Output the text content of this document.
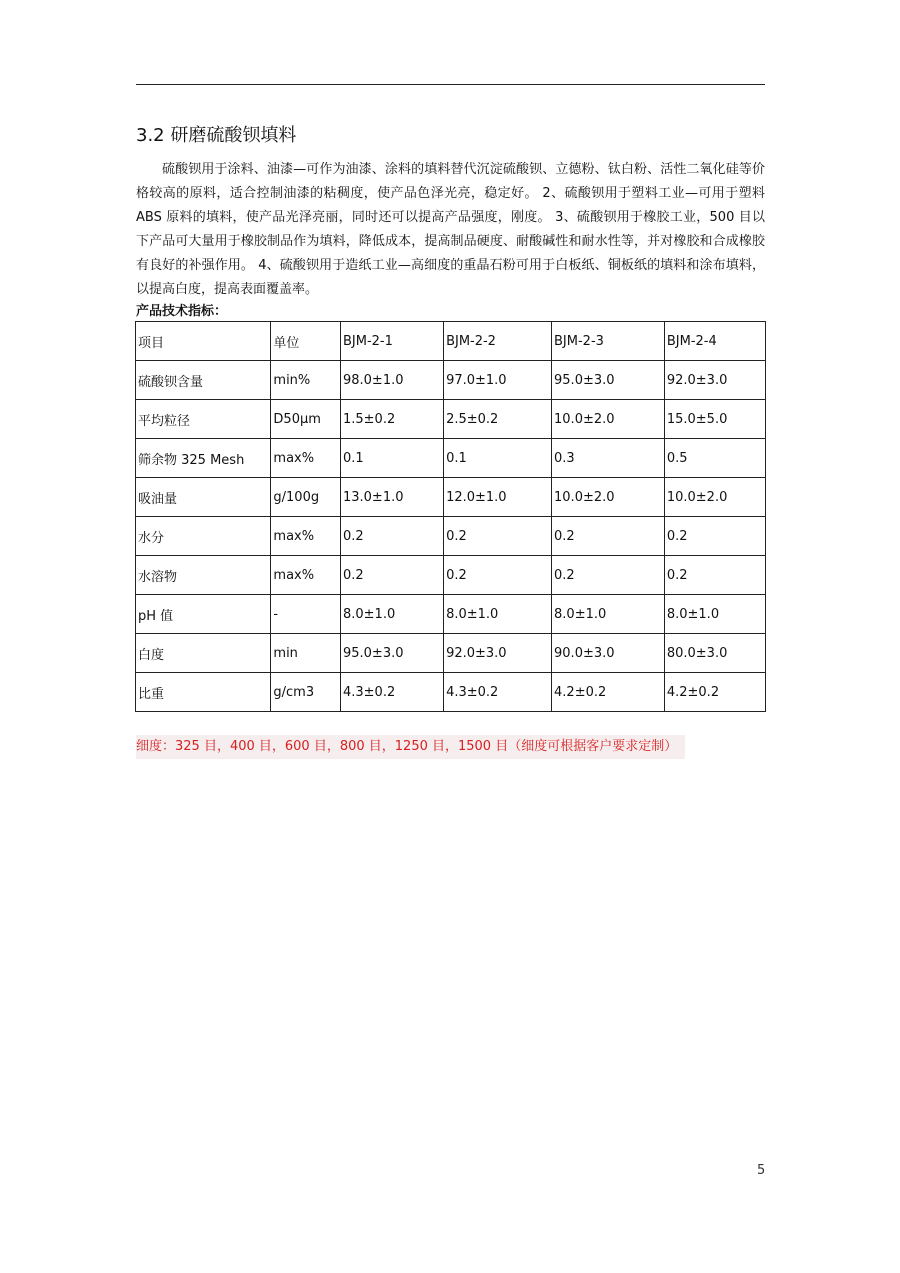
3.2 研磨硫酸钡填料

硫酸钡用于涂料、油漆—可作为油漆、涂料的填料替代沉淀硫酸钡、立德粉、钛白粉、活性二氧化硅等价格较高的原料，适合控制油漆的粘稠度，使产品色泽光亮，稳定好。 2、硫酸钡用于塑料工业—可用于塑料 ABS 原料的填料，使产品光泽亮丽，同时还可以提高产品强度，刚度。 3、硫酸钡用于橡胶工业，500 目以下产品可大量用于橡胶制品作为填料，降低成本，提高制品硬度、耐酸碱性和耐水性等，并对橡胶和合成橡胶有良好的补强作用。 4、硫酸钡用于造纸工业—高细度的重晶石粉可用于白板纸、铜板纸的填料和涂布填料，以提高白度，提高表面覆盖率。

产品技术指标：

项目	单位	BJM-2-1	BJM-2-2	BJM-2-3	BJM-2-4
硫酸钡含量	min%	98.0±1.0	97.0±1.0	95.0±3.0	92.0±3.0
平均粒径	D50μm	1.5±0.2	2.5±0.2	10.0±2.0	15.0±5.0
筛余物 325 Mesh	max%	0.1	0.1	0.3	0.5
吸油量	g/100g	13.0±1.0	12.0±1.0	10.0±2.0	10.0±2.0
水分	max%	0.2	0.2	0.2	0.2
水溶物	max%	0.2	0.2	0.2	0.2
pH 值	-	8.0±1.0	8.0±1.0	8.0±1.0	8.0±1.0
白度	min	95.0±3.0	92.0±3.0	90.0±3.0	80.0±3.0
比重	g/cm3	4.3±0.2	4.3±0.2	4.2±0.2	4.2±0.2
细度：325 目，400 目，600 目，800 目，1250 目，1500 目（细度可根据客户要求定制）
5
